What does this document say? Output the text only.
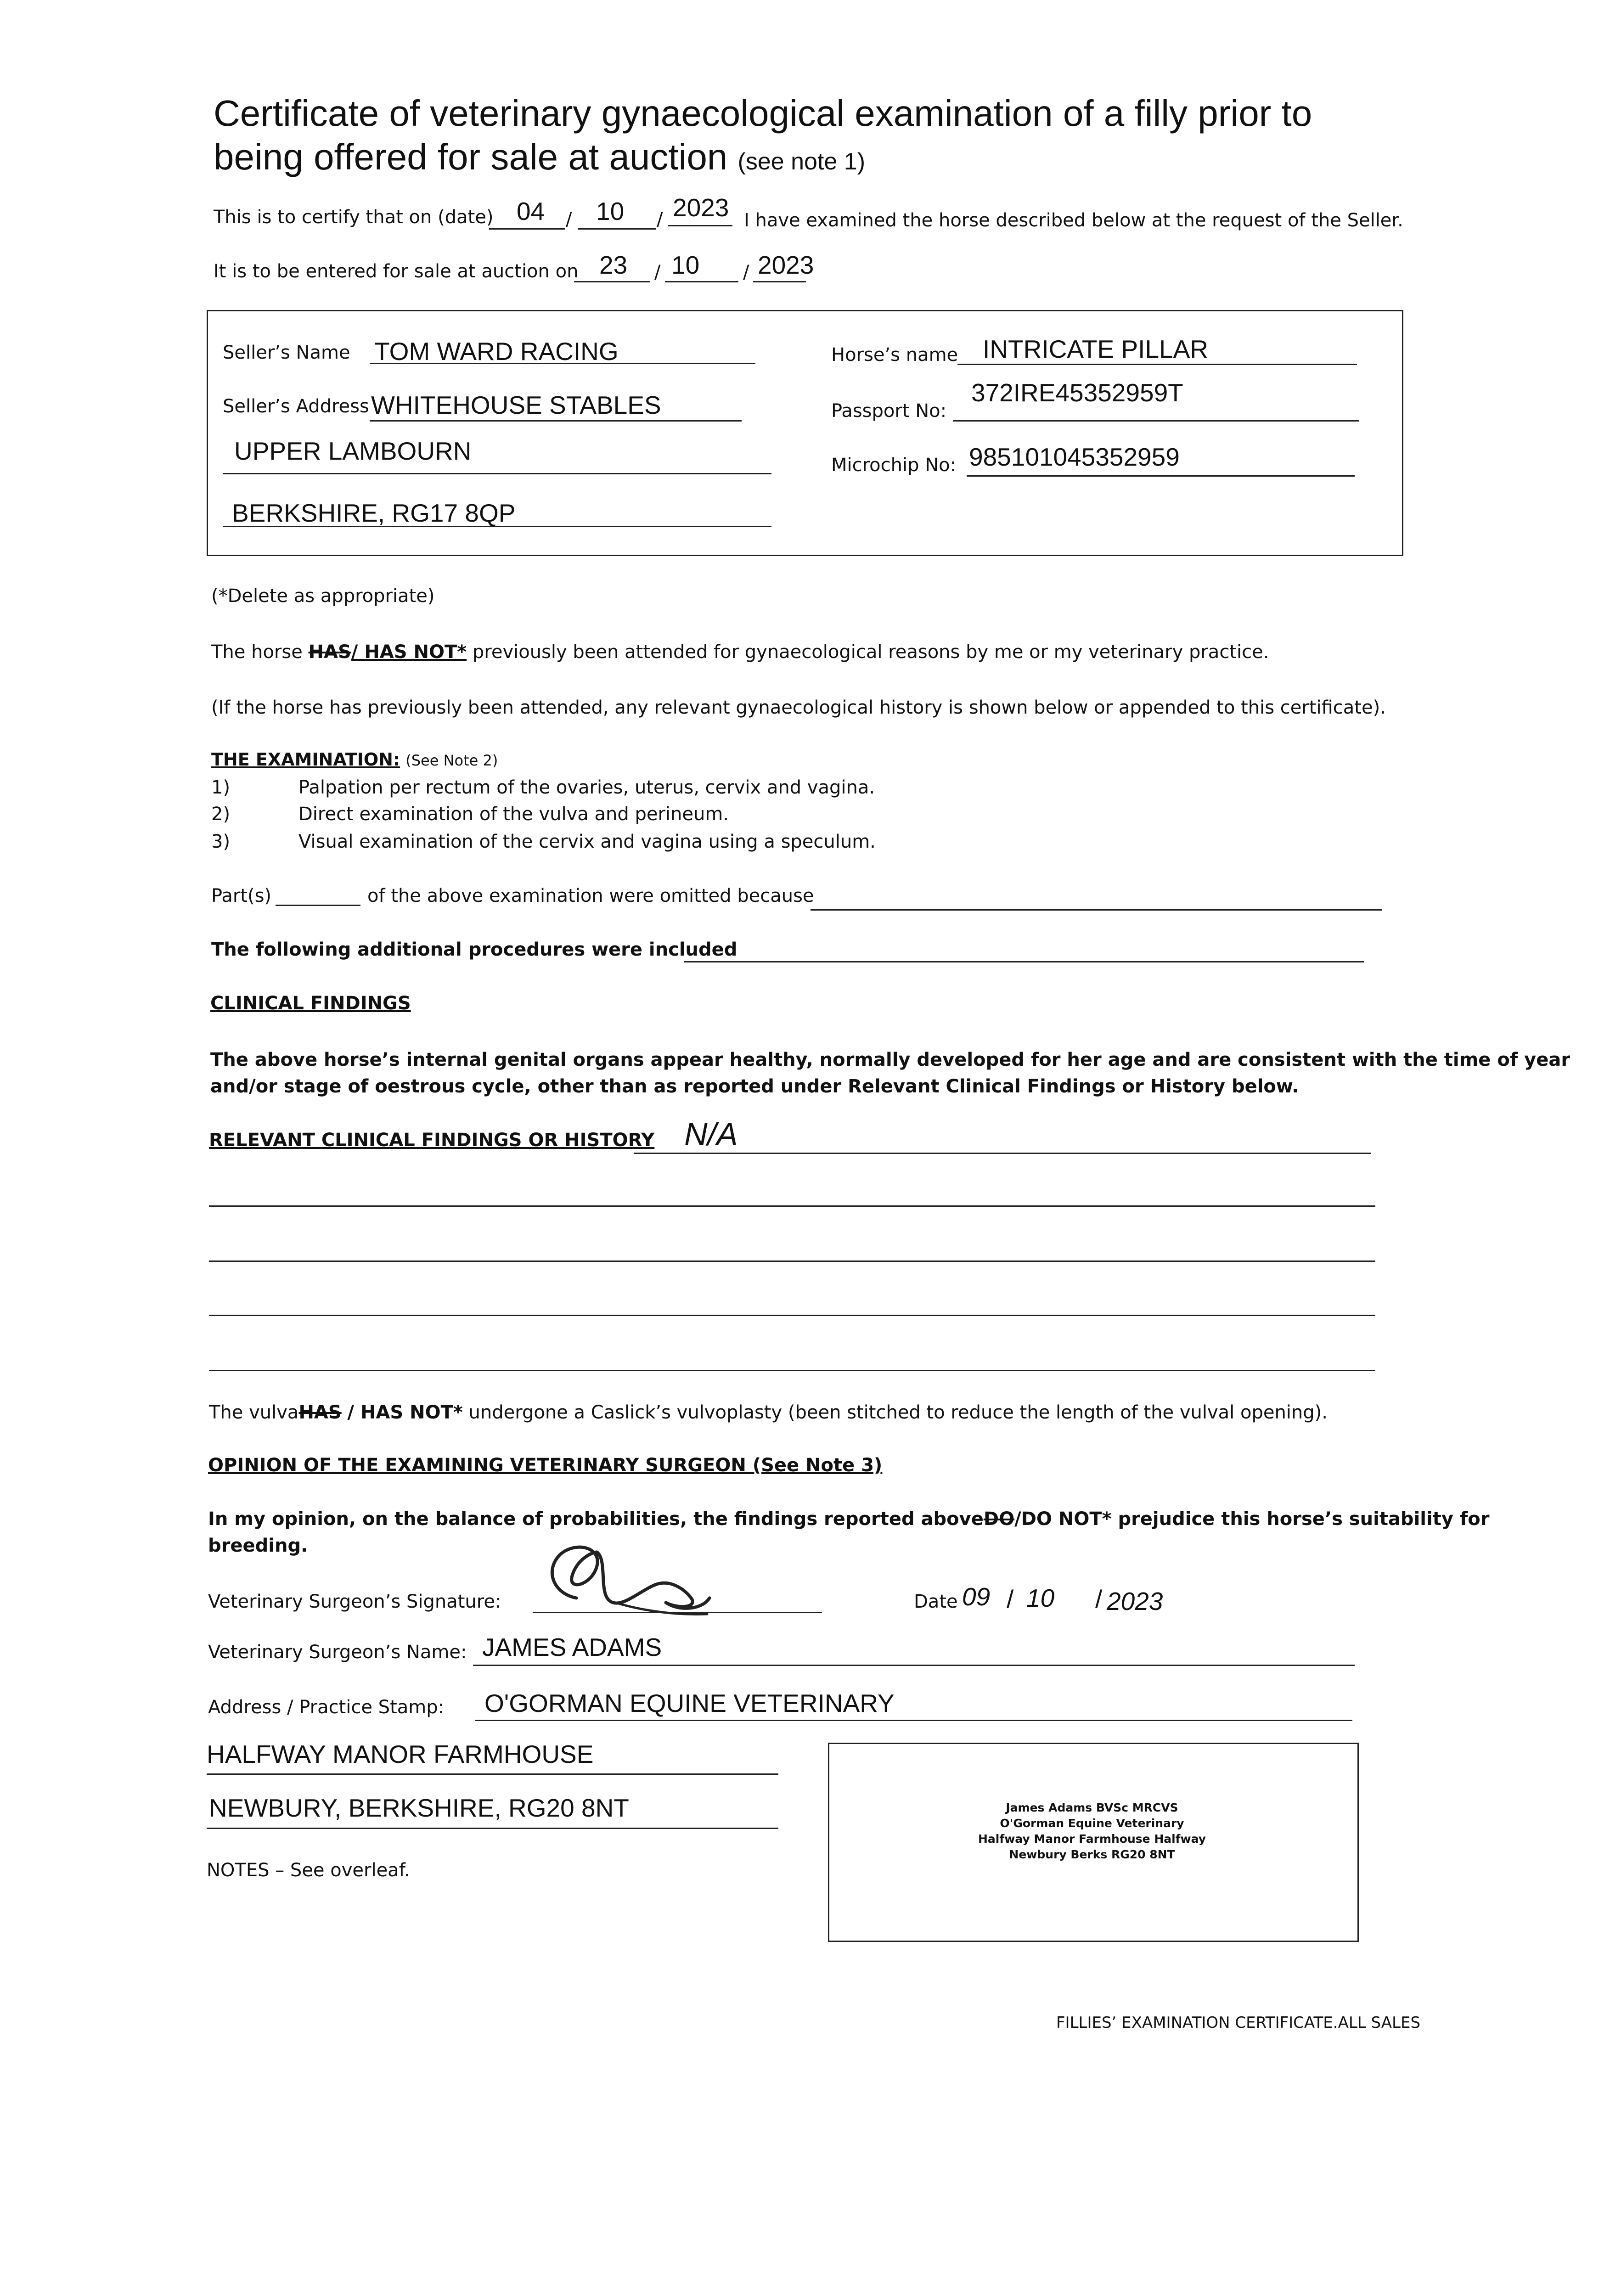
Certificate of veterinary gynaecological examination of a filly prior to
being offered for sale at auction (see note 1)
This is to certify that on (date) 04 / 10 / 2023 I have examined the horse described below at the request of the Seller.
It is to be entered for sale at auction on 23 / 10 / 2023
Seller’s Name TOM WARD RACING
Seller’s Address WHITEHOUSE STABLES
UPPER LAMBOURN
BERKSHIRE, RG17 8QP
Horse’s name INTRICATE PILLAR
Passport No:
372IRE45352959T
Microchip No: 985101045352959
(*Delete as appropriate)
The horse HAS/ HAS NOT* previously been attended for gynaecological reasons by me or my veterinary practice.
(If the horse has previously been attended, any relevant gynaecological history is shown below or appended to this certificate).
THE EXAMINATION: (See Note 2)
1)	Palpation per rectum of the ovaries, uterus, cervix and vagina.
2)	Direct examination of the vulva and perineum.
3)	Visual examination of the cervix and vagina using a speculum.
Part(s)	of the above examination were omitted because
The following additional procedures were included
CLINICAL FINDINGS
The above horse’s internal genital organs appear healthy, normally developed for her age and are consistent with the time of year
and/or stage of oestrous cycle, other than as reported under Relevant Clinical Findings or History below.
RELEVANT CLINICAL FINDINGS OR HISTORY N/A
The vulvaHAS / HAS NOT* undergone a Caslick’s vulvoplasty (been stitched to reduce the length of the vulval opening).
OPINION OF THE EXAMINING VETERINARY SURGEON (See Note 3)
In my opinion, on the balance of probabilities, the findings reported aboveDO/DO NOT* prejudice this horse’s suitability for
breeding.
Veterinary Surgeon’s Signature:	Date 09 / 10 / 2023
Veterinary Surgeon’s Name: JAMES ADAMS
Address / Practice Stamp: O'GORMAN EQUINE VETERINARY
HALFWAY MANOR FARMHOUSE
NEWBURY, BERKSHIRE, RG20 8NT	James Adams BVSc MRCVS
O'Gorman Equine Veterinary
Halfway Manor Farmhouse Halfway
Newbury Berks RG20 8NT
NOTES – See overleaf.
FILLIES’ EXAMINATION CERTIFICATE.ALL SALES
